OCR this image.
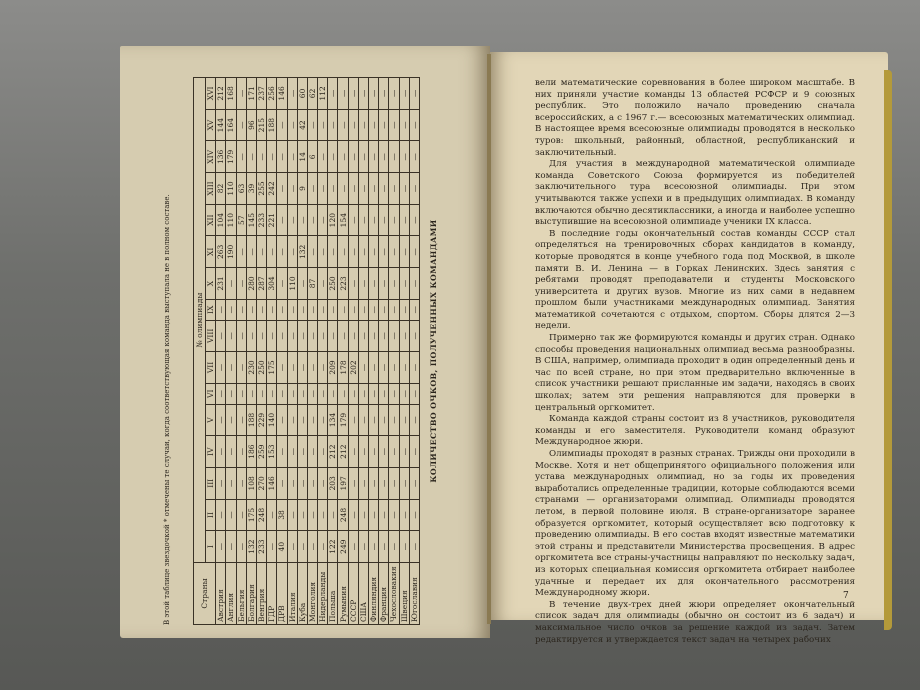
КОЛИЧЕСТВО ОЧКОВ, ПОЛУЧЕННЫХ КОМАНДАМИ
Страны	№ олимпиады															
	I	II	III	IV	V	VI	VII	VIII	IX	X	XI	XII	XIII	XIV	XV	XVI
Австрия	—	—	—	—	—	—	—	—	—	231	263	104	82	136	144	212
Англия	—	—	—	—	—	—	—	—	—	—	190	110	110	179	164	168
Бельгия	—	—	—	—	—	—	—	—	—	—	—	57	63	—	—	—
Болгария	132	175	108	186	188	—	230	—	—	280	—	145	39	—	96	171
Венгрия	233	248	270	259	229	—	250	—	—	287	—	233	255	—	215	237
ГДР	—	—	146	153	140	—	175	—	—	304	—	221	242	—	188	256
ДРВ	40	38	—	—	—	—	—	—	—	—	—	—	—	—	—	146
Италия	—	—	—	—	—	—	—	—	—	110	—	—	—	—	—	—
Куба	—	—	—	—	—	—	—	—	—	—	132	—	9	14	42	60
Монголия	—	—	—	—	—	—	—	—	—	87	—	—	—	6	—	62
Нидерланды	—	—	—	—	—	—	—	—	—	—	—	—	—	—	—	112
Польша	122	—	203	212	134	—	209	—	—	250	—	120	—	—	—	—
Румыния	249	248	197	212	179	—	178	—	—	223	—	154	—	—	—	—
СССР	—	—	—	—	—	—	202	—	—	—	—	—	—	—	—	—
США	—	—	—	—	—	—	—	—	—	—	—	—	—	—	—	—
Финляндия	—	—	—	—	—	—	—	—	—	—	—	—	—	—	—	—
Франция	—	—	—	—	—	—	—	—	—	—	—	—	—	—	—	—
Чехословакия	—	—	—	—	—	—	—	—	—	—	—	—	—	—	—	—
Швеция	—	—	—	—	—	—	—	—	—	—	—	—	—	—	—	—
Югославия	—	—	—	—	—	—	—	—	—	—	—	—	—	—	—	—
В этой таблице звездочкой * отмечены те случаи, когда соответствующая команда выступала не в полном составе.

вели математические соревнования в более широком масштабе. В них приняли участие команды 13 областей РСФСР и 9 союзных республик. Это положило начало проведению сначала всероссийских, а с 1967 г.— всесоюзных математических олимпиад. В настоящее время всесоюзные олимпиады проводятся в несколько туров: школьный, районный, областной, республиканский и заключительный.

Для участия в международной математической олимпиаде команда Советского Союза формируется из победителей заключительного тура всесоюзной олимпиады. При этом учитываются также успехи и в предыдущих олимпиадах. В команду включаются обычно десятиклассники, а иногда и наиболее успешно выступившие на всесоюзной олимпиаде ученики IX класса.

В последние годы окончательный состав команды СССР стал определяться на тренировочных сборах кандидатов в команду, которые проводятся в конце учебного года под Москвой, в школе памяти В. И. Ленина — в Горках Ленинских. Здесь занятия с ребятами проводят преподаватели и студенты Московского университета и других вузов. Многие из них сами в недавнем прошлом были участниками международных олимпиад. Занятия математикой сочетаются с отдыхом, спортом. Сборы длятся 2—3 недели.

Примерно так же формируются команды и других стран. Однако способы проведения национальных олимпиад весьма разнообразны. В США, например, олимпиада проходит в один определенный день и час по всей стране, но при этом предварительно включенные в список участники решают присланные им задачи, находясь в своих школах; затем эти решения направляются для проверки в центральный оргкомитет.

Команда каждой страны состоит из 8 участников, руководителя команды и его заместителя. Руководители команд образуют Международное жюри.

Олимпиады проходят в разных странах. Трижды они проходили в Москве. Хотя и нет общепринятого официального положения или устава международных олимпиад, но за годы их проведения выработались определенные традиции, которые соблюдаются всеми странами — организаторами олимпиад. Олимпиады проводятся летом, в первой половине июля. В стране-организаторе заранее образуется оргкомитет, который осуществляет всю подготовку к проведению олимпиады. В его состав входят известные математики этой страны и представители Министерства просвещения. В адрес оргкомитета все страны-участницы направляют по нескольку задач, из которых специальная комиссия оргкомитета отбирает наиболее удачные и передает их для окончательного рассмотрения Международному жюри.

В течение двух-трех дней жюри определяет окончательный список задач для олимпиады (обычно он состоит из 6 задач) и максимальное число очков за решение каждой из задач. Затем редактируется и утверждается текст задач на четырех рабочих

7
